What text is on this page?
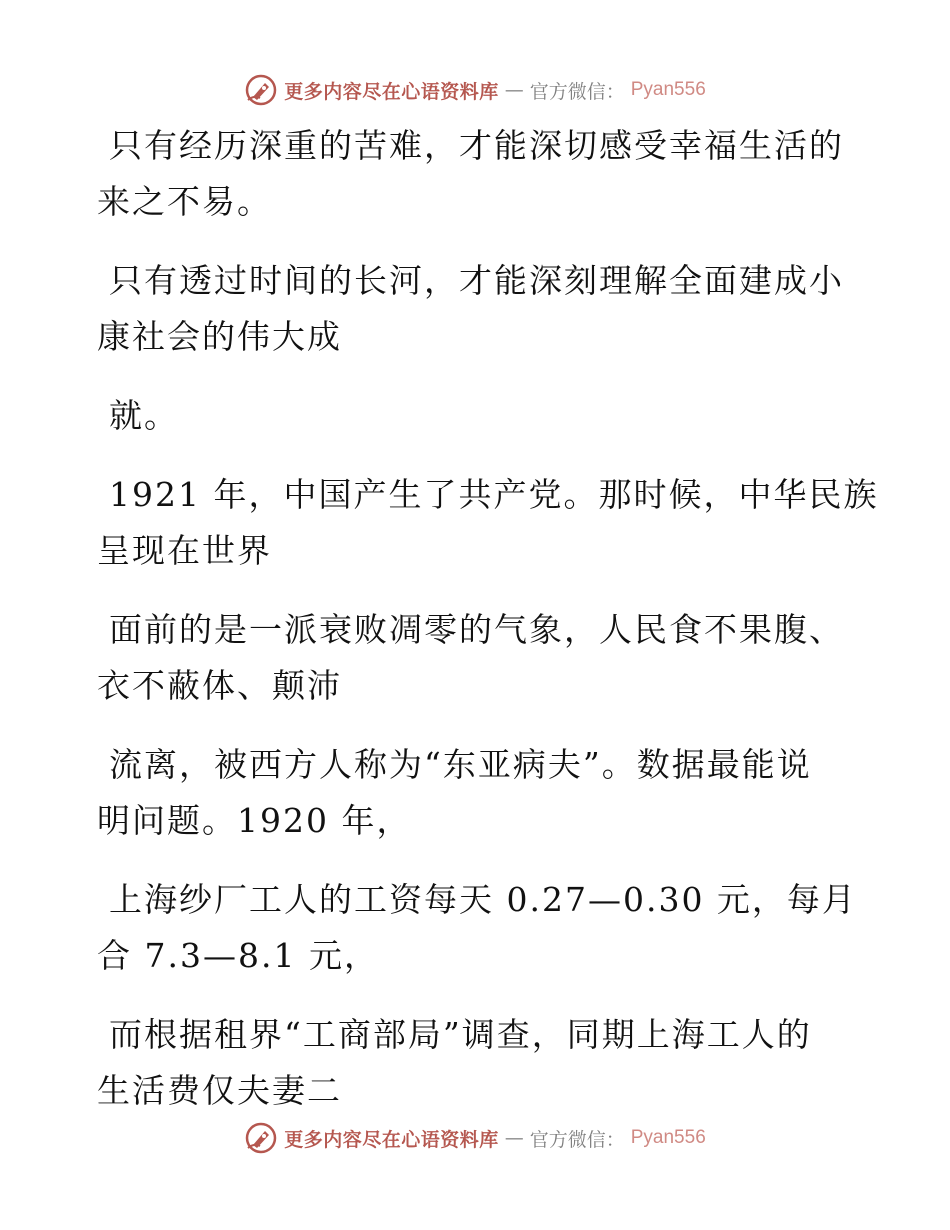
更多内容尽在心语资料库 — 官方微信： Pyan556
只有经历深重的苦难，才能深切感受幸福生活的
来之不易。
只有透过时间的长河，才能深刻理解全面建成小
康社会的伟大成
就。
1921 年，中国产生了共产党。那时候，中华民族
呈现在世界
面前的是一派衰败凋零的气象，人民食不果腹、
衣不蔽体、颠沛
流离，被西方人称为“东亚病夫”。数据最能说
明问题。1920 年，
上海纱厂工人的工资每天 0.27—0.30 元，每月
合 7.3—8.1 元，
而根据租界“工商部局”调查，同期上海工人的
生活费仅夫妻二
更多内容尽在心语资料库 — 官方微信： Pyan556
